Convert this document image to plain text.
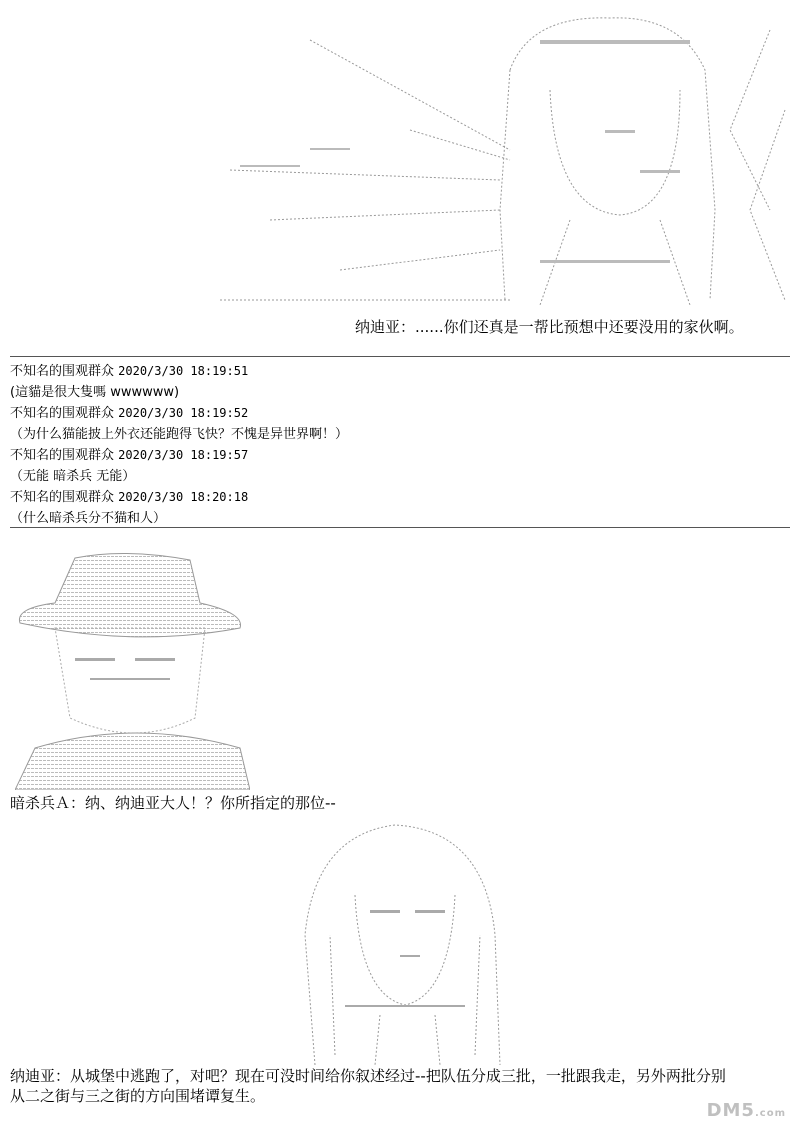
纳迪亚：......你们还真是一帮比预想中还要没用的家伙啊。
不知名的围观群众 2020/3/30 18:19:51
(這貓是很大隻嗎 wwwwww)
不知名的围观群众 2020/3/30 18:19:52
（为什么猫能披上外衣还能跑得飞快？不愧是异世界啊！）
不知名的围观群众 2020/3/30 18:19:57
（无能 暗杀兵 无能）
不知名的围观群众 2020/3/30 18:20:18
（什么暗杀兵分不猫和人）
暗杀兵Ａ：纳、纳迪亚大人！？你所指定的那位--
纳迪亚：从城堡中逃跑了，对吧？现在可没时间给你叙述经过--把队伍分成三批，一批跟我走，另外两批分别
从二之街与三之街的方向围堵谭复生。
DM5.com
